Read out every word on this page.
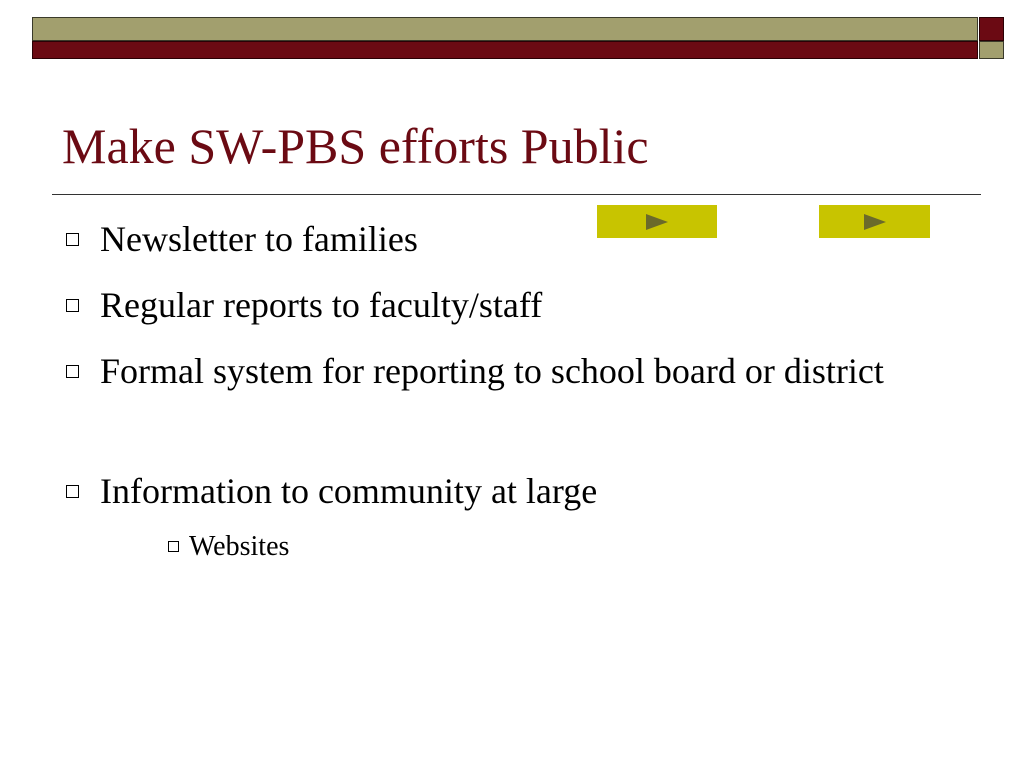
Make SW-PBS efforts Public
Newsletter to families
Regular reports to faculty/staff
Formal system for reporting to school board or district
Information to community at large
Websites
